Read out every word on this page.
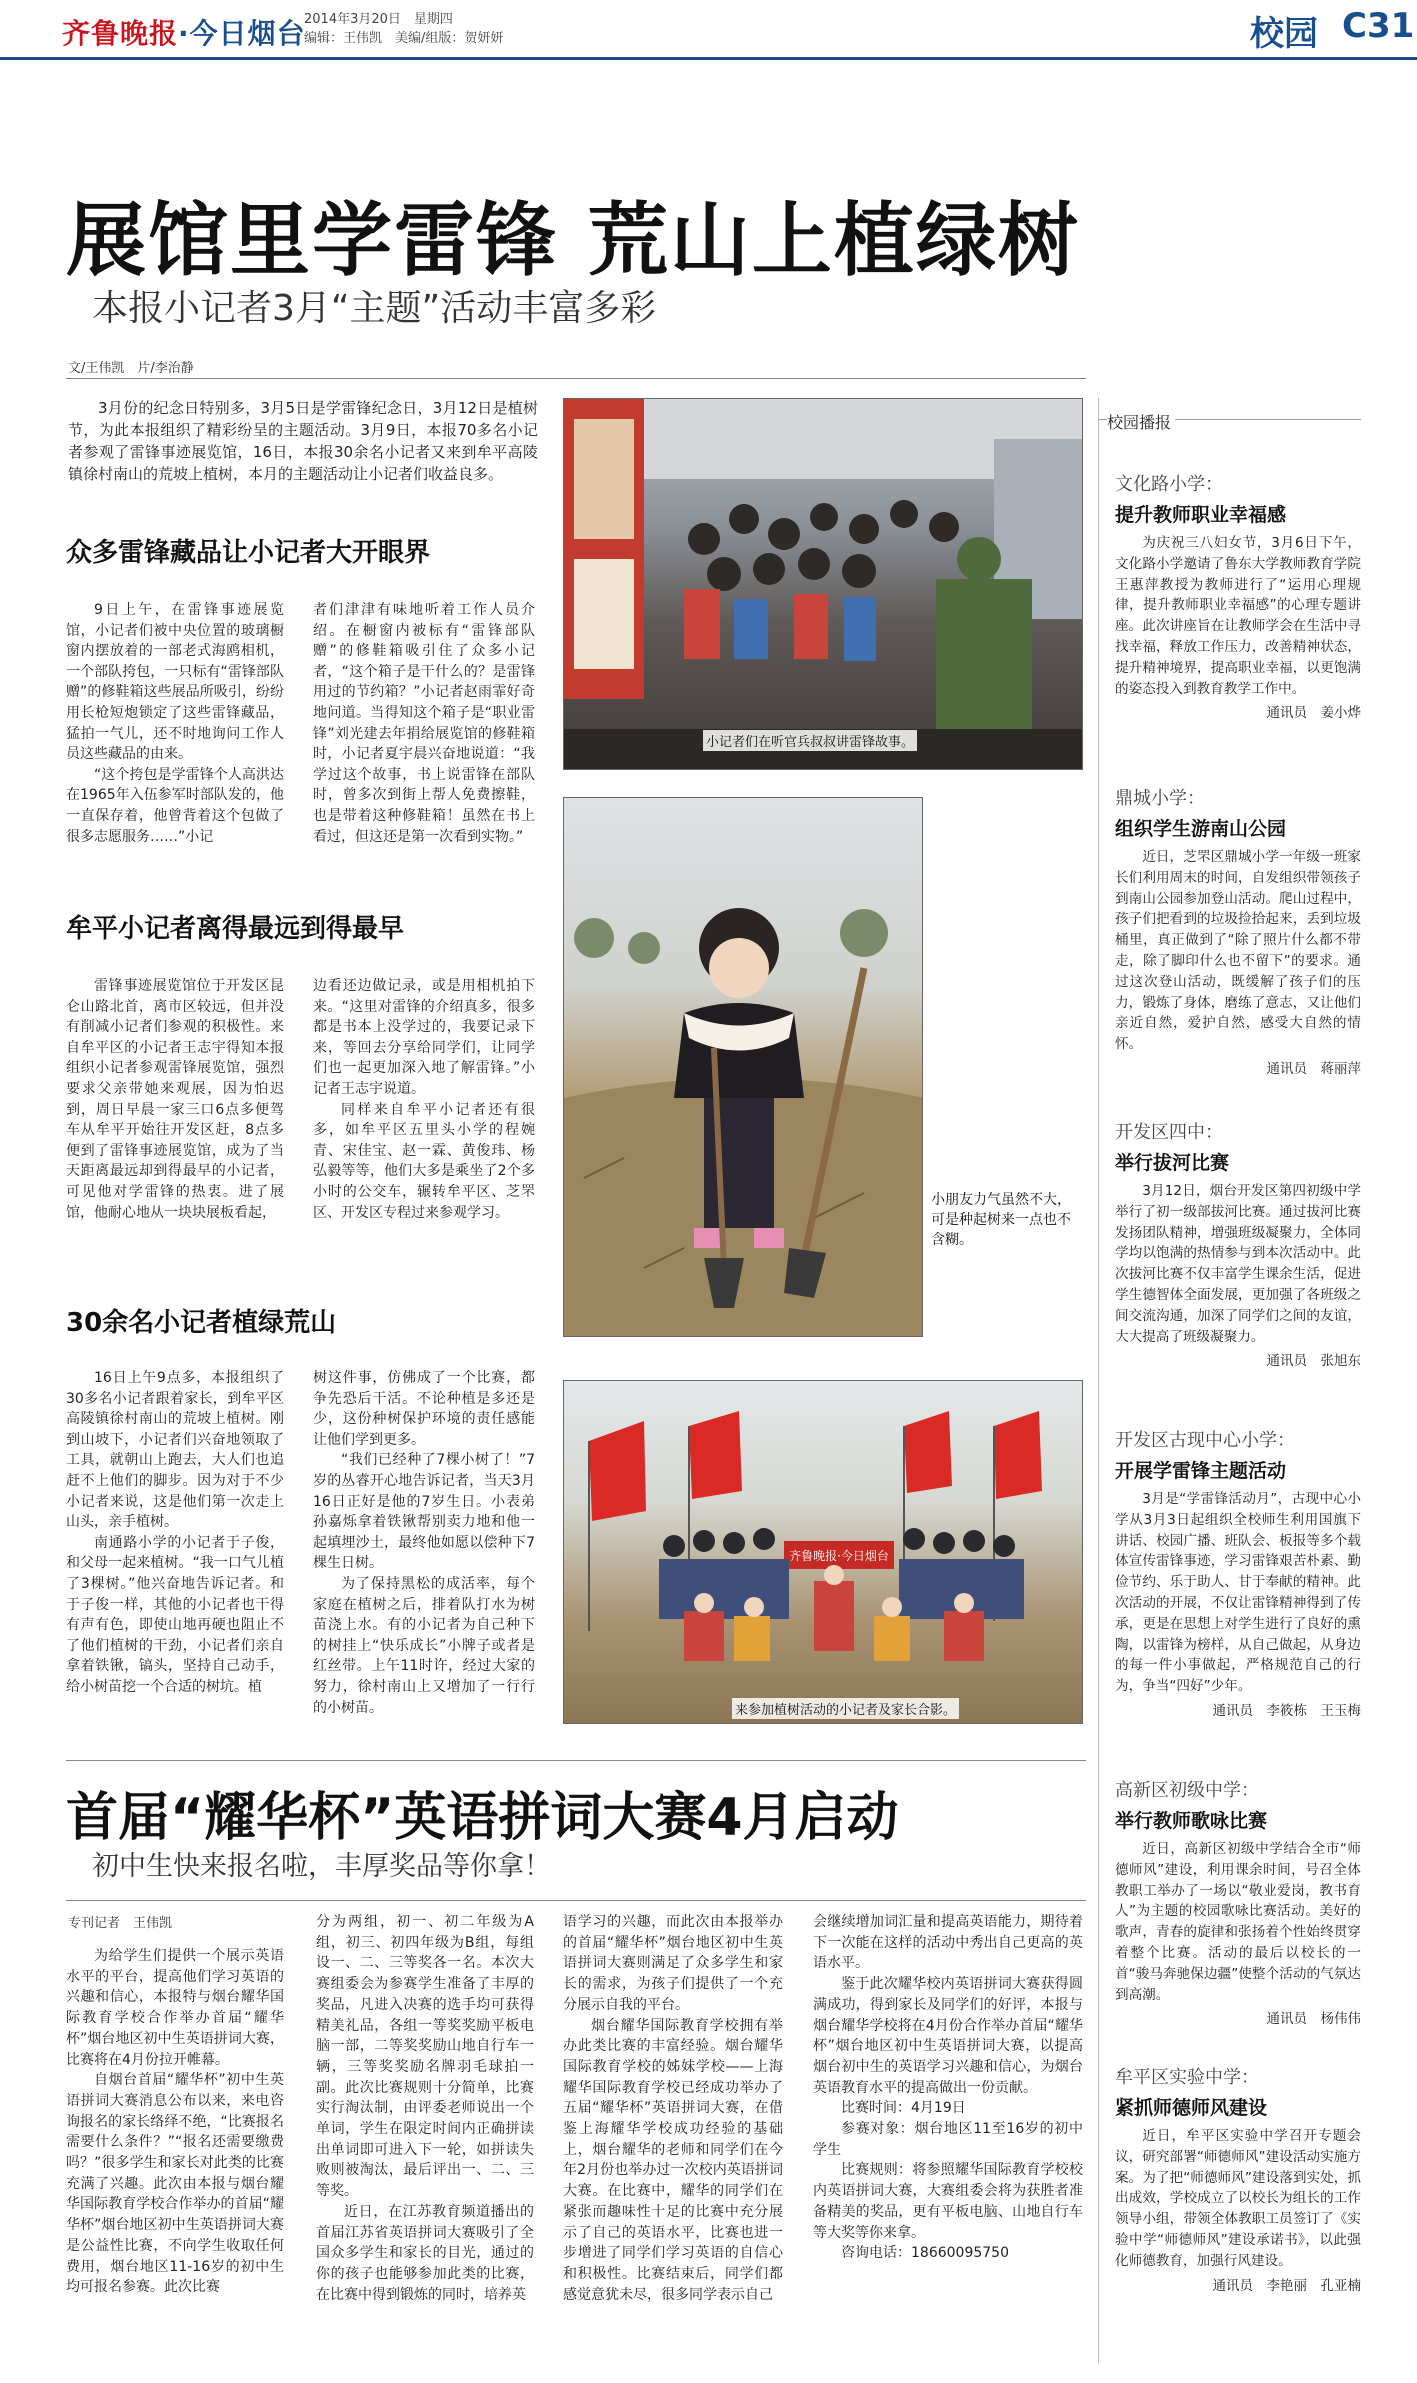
齐鲁晚报·今日烟台
2014年3月20日　星期四
编辑：王伟凯　美编/组版：贺妍妍	校园 C31
展馆里学雷锋 荒山上植绿树
本报小记者3月“主题”活动丰富多彩
文/王伟凯　片/李治静
3月份的纪念日特别多，3月5日是学雷锋纪念日，3月12日是植树节，为此本报组织了精彩纷呈的主题活动。3月9日，本报70多名小记者参观了雷锋事迹展览馆，16日，本报30余名小记者又来到牟平高陵镇徐村南山的荒坡上植树，本月的主题活动让小记者们收益良多。
众多雷锋藏品让小记者大开眼界

9日上午，在雷锋事迹展览馆，小记者们被中央位置的玻璃橱窗内摆放着的一部老式海鸥相机，一个部队挎包，一只标有“雷锋部队赠”的修鞋箱这些展品所吸引，纷纷用长枪短炮锁定了这些雷锋藏品，猛拍一气儿，还不时地询问工作人员这些藏品的由来。

“这个挎包是学雷锋个人高洪达在1965年入伍参军时部队发的，他一直保存着，他曾背着这个包做了很多志愿服务……”小记

者们津津有味地听着工作人员介绍。在橱窗内被标有“雷锋部队赠”的修鞋箱吸引住了众多小记者，“这个箱子是干什么的？是雷锋用过的节约箱？”小记者赵雨霏好奇地问道。当得知这个箱子是“职业雷锋”刘光建去年捐给展览馆的修鞋箱时，小记者夏宇晨兴奋地说道：“我学过这个故事，书上说雷锋在部队时，曾多次到街上帮人免费擦鞋，也是带着这种修鞋箱！虽然在书上看过，但这还是第一次看到实物。”

牟平小记者离得最远到得最早

雷锋事迹展览馆位于开发区昆仑山路北首，离市区较远，但并没有削减小记者们参观的积极性。来自牟平区的小记者王志宇得知本报组织小记者参观雷锋展览馆，强烈要求父亲带她来观展，因为怕迟到，周日早晨一家三口6点多便驾车从牟平开始往开发区赶，8点多便到了雷锋事迹展览馆，成为了当天距离最远却到得最早的小记者，可见他对学雷锋的热衷。进了展馆，他耐心地从一块块展板看起，

边看还边做记录，或是用相机拍下来。“这里对雷锋的介绍真多，很多都是书本上没学过的，我要记录下来，等回去分享给同学们，让同学们也一起更加深入地了解雷锋。”小记者王志宇说道。

同样来自牟平小记者还有很多，如牟平区五里头小学的程婉青、宋佳宝、赵一霖、黄俊玮、杨弘毅等等，他们大多是乘坐了2个多小时的公交车，辗转牟平区、芝罘区、开发区专程过来参观学习。

30余名小记者植绿荒山

16日上午9点多，本报组织了30多名小记者跟着家长，到牟平区高陵镇徐村南山的荒坡上植树。刚到山坡下，小记者们兴奋地领取了工具，就朝山上跑去，大人们也追赶不上他们的脚步。因为对于不少小记者来说，这是他们第一次走上山头，亲手植树。

南通路小学的小记者于子俊，和父母一起来植树。“我一口气儿植了3棵树。”他兴奋地告诉记者。和于子俊一样，其他的小记者也干得有声有色，即使山地再硬也阻止不了他们植树的干劲，小记者们亲自拿着铁锹，镐头，坚持自己动手，给小树苗挖一个合适的树坑。植

树这件事，仿佛成了一个比赛，都争先恐后干活。不论种植是多还是少，这份种树保护环境的责任感能让他们学到更多。

“我们已经种了7棵小树了！”7岁的丛睿开心地告诉记者，当天3月16日正好是他的7岁生日。小表弟孙嘉烁拿着铁锹帮别卖力地和他一起填埋沙土，最终他如愿以偿种下7棵生日树。

为了保持黑松的成活率，每个家庭在植树之后，排着队打水为树苗浇上水。有的小记者为自己种下的树挂上“快乐成长”小牌子或者是红丝带。上午11时许，经过大家的努力，徐村南山上又增加了一行行的小树苗。

小记者们在听官兵叔叔讲雷锋故事。
小朋友力气虽然不大，可是种起树来一点也不含糊。
齐鲁晚报·今日烟台
来参加植树活动的小记者及家长合影。
校园播报
文化路小学：
提升教师职业幸福感
为庆祝三八妇女节，3月6日下午，文化路小学邀请了鲁东大学教师教育学院王惠萍教授为教师进行了“运用心理规律，提升教师职业幸福感”的心理专题讲座。此次讲座旨在让教师学会在生活中寻找幸福，释放工作压力，改善精神状态，提升精神境界，提高职业幸福，以更饱满的姿态投入到教育教学工作中。
通讯员　姜小烨
鼎城小学：
组织学生游南山公园
近日，芝罘区鼎城小学一年级一班家长们利用周末的时间，自发组织带领孩子到南山公园参加登山活动。爬山过程中，孩子们把看到的垃圾捡拾起来，丢到垃圾桶里，真正做到了“除了照片什么都不带走，除了脚印什么也不留下”的要求。通过这次登山活动，既缓解了孩子们的压力，锻炼了身体，磨练了意志，又让他们亲近自然，爱护自然，感受大自然的情怀。
通讯员　蒋丽萍
开发区四中：
举行拔河比赛
3月12日，烟台开发区第四初级中学举行了初一级部拔河比赛。通过拔河比赛发扬团队精神，增强班级凝聚力，全体同学均以饱满的热情参与到本次活动中。此次拔河比赛不仅丰富学生课余生活，促进学生德智体全面发展，更加强了各班级之间交流沟通，加深了同学们之间的友谊，大大提高了班级凝聚力。
通讯员　张旭东
开发区古现中心小学：
开展学雷锋主题活动
3月是“学雷锋活动月”，古现中心小学从3月3日起组织全校师生利用国旗下讲话、校园广播、班队会、板报等多个载体宣传雷锋事迹，学习雷锋艰苦朴素、勤俭节约、乐于助人、甘于奉献的精神。此次活动的开展，不仅让雷锋精神得到了传承，更是在思想上对学生进行了良好的熏陶，以雷锋为榜样，从自己做起，从身边的每一件小事做起，严格规范自己的行为，争当“四好”少年。
通讯员　李筱栋　王玉梅
高新区初级中学：
举行教师歌咏比赛
近日，高新区初级中学结合全市“师德师风”建设，利用课余时间，号召全体教职工举办了一场以“敬业爱岗，教书育人”为主题的校园歌咏比赛活动。美好的歌声，青春的旋律和张扬着个性始终贯穿着整个比赛。活动的最后以校长的一首“骏马奔驰保边疆”使整个活动的气氛达到高潮。
通讯员　杨伟伟
牟平区实验中学：
紧抓师德师风建设
近日，牟平区实验中学召开专题会议，研究部署“师德师风”建设活动实施方案。为了把“师德师风”建设落到实处，抓出成效，学校成立了以校长为组长的工作领导小组，带领全体教职工员签订了《实验中学“师德师风”建设承诺书》，以此强化师德教育，加强行风建设。
通讯员　李艳丽　孔亚楠
首届“耀华杯”英语拼词大赛4月启动
初中生快来报名啦，丰厚奖品等你拿！
专刊记者　王伟凯

为给学生们提供一个展示英语水平的平台，提高他们学习英语的兴趣和信心，本报特与烟台耀华国际教育学校合作举办首届“耀华杯”烟台地区初中生英语拼词大赛，比赛将在4月份拉开帷幕。

自烟台首届“耀华杯”初中生英语拼词大赛消息公布以来，来电咨询报名的家长络绎不绝，“比赛报名需要什么条件？”“报名还需要缴费吗？”很多学生和家长对此类的比赛充满了兴趣。此次由本报与烟台耀华国际教育学校合作举办的首届“耀华杯”烟台地区初中生英语拼词大赛是公益性比赛，不向学生收取任何费用，烟台地区11-16岁的初中生均可报名参赛。此次比赛

分为两组，初一、初二年级为A组，初三、初四年级为B组，每组设一、二、三等奖各一名。本次大赛组委会为参赛学生准备了丰厚的奖品，凡进入决赛的选手均可获得精美礼品，各组一等奖奖励平板电脑一部，二等奖奖励山地自行车一辆，三等奖奖励名牌羽毛球拍一副。此次比赛规则十分简单，比赛实行淘汰制，由评委老师说出一个单词，学生在限定时间内正确拼读出单词即可进入下一轮，如拼读失败则被淘汰，最后评出一、二、三等奖。

近日，在江苏教育频道播出的首届江苏省英语拼词大赛吸引了全国众多学生和家长的目光，通过的你的孩子也能够参加此类的比赛，在比赛中得到锻炼的同时，培养英

语学习的兴趣，而此次由本报举办的首届“耀华杯”烟台地区初中生英语拼词大赛则满足了众多学生和家长的需求，为孩子们提供了一个充分展示自我的平台。

烟台耀华国际教育学校拥有举办此类比赛的丰富经验。烟台耀华国际教育学校的姊妹学校——上海耀华国际教育学校已经成功举办了五届“耀华杯”英语拼词大赛，在借鉴上海耀华学校成功经验的基础上，烟台耀华的老师和同学们在今年2月份也举办过一次校内英语拼词大赛。在比赛中，耀华的同学们在紧张而趣味性十足的比赛中充分展示了自己的英语水平，比赛也进一步增进了同学们学习英语的自信心和积极性。比赛结束后，同学们都感觉意犹未尽，很多同学表示自己

会继续增加词汇量和提高英语能力，期待着下一次能在这样的活动中秀出自己更高的英语水平。

鉴于此次耀华校内英语拼词大赛获得圆满成功，得到家长及同学们的好评，本报与烟台耀华学校将在4月份合作举办首届“耀华杯”烟台地区初中生英语拼词大赛，以提高烟台初中生的英语学习兴趣和信心，为烟台英语教育水平的提高做出一份贡献。

比赛时间：4月19日

参赛对象：烟台地区11至16岁的初中学生

比赛规则：将参照耀华国际教育学校校内英语拼词大赛，大赛组委会将为获胜者准备精美的奖品，更有平板电脑、山地自行车等大奖等你来拿。

咨询电话：18660095750
